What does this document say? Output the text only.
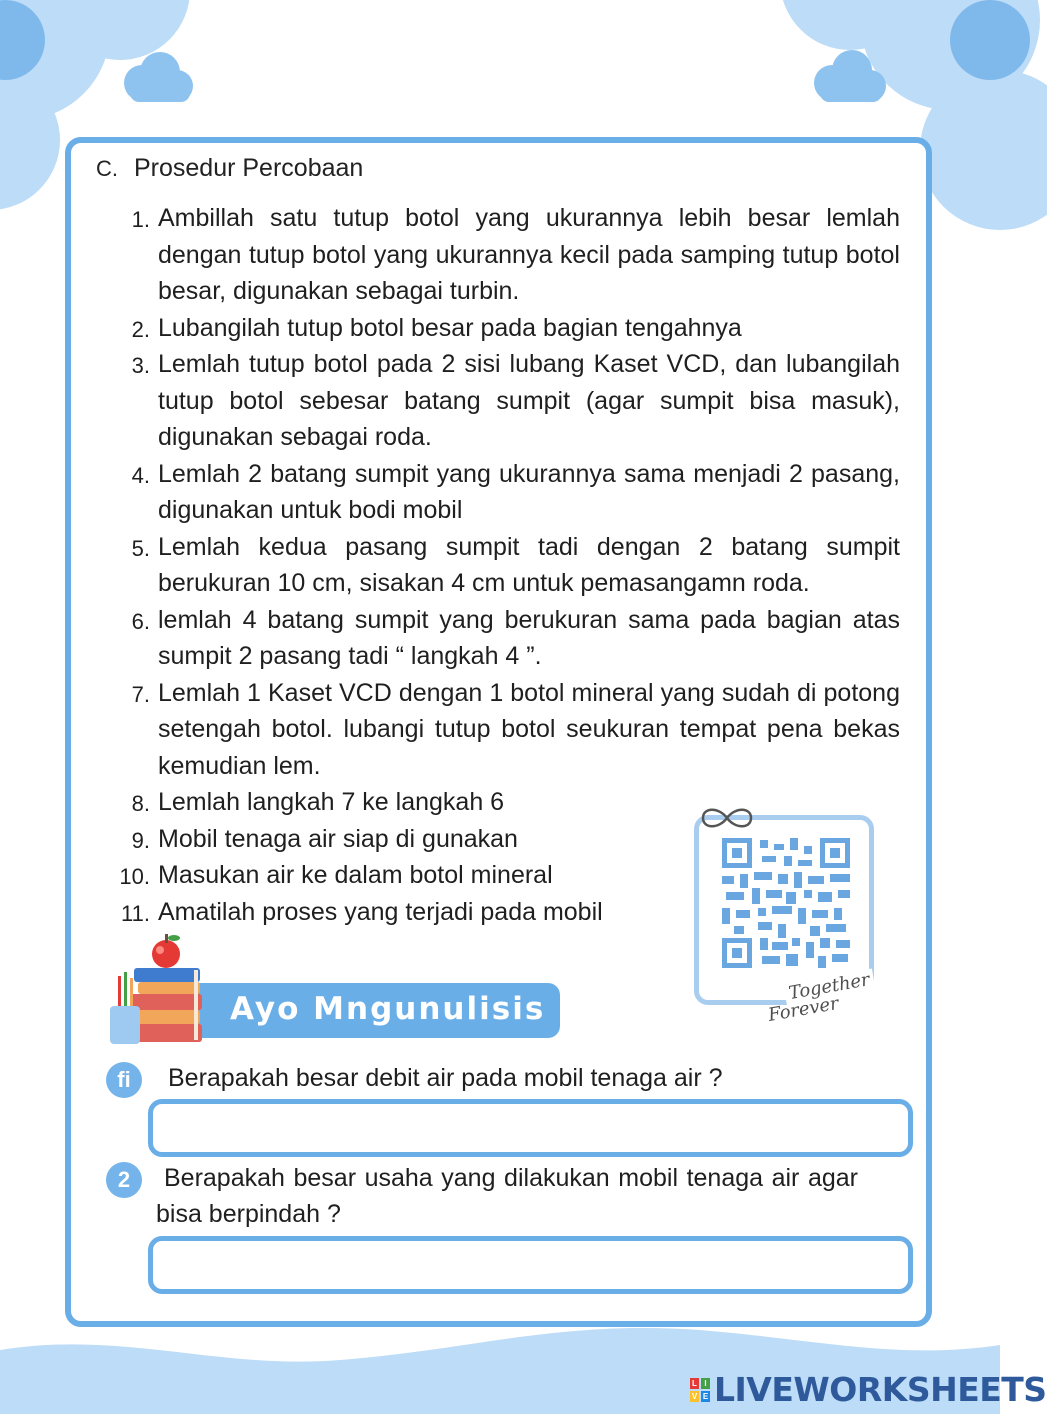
C. Prosedur Percobaan
1. Ambillah satu tutup botol yang ukurannya lebih besar lemlah dengan tutup botol yang ukurannya kecil pada samping tutup botol besar, digunakan sebagai turbin.
2. Lubangilah tutup botol besar pada bagian tengahnya
3. Lemlah tutup botol pada 2 sisi lubang Kaset VCD, dan lubangilah tutup botol sebesar batang sumpit (agar sumpit bisa masuk), digunakan sebagai roda.
4. Lemlah 2 batang sumpit yang ukurannya sama menjadi 2 pasang, digunakan untuk bodi mobil
5. Lemlah kedua pasang sumpit tadi dengan 2 batang sumpit berukuran 10 cm, sisakan 4 cm untuk pemasangamn roda.
6. lemlah 4 batang sumpit yang berukuran sama pada bagian atas sumpit 2 pasang tadi “ langkah 4 ”.
7. Lemlah 1 Kaset VCD dengan 1 botol mineral yang sudah di potong setengah botol. lubangi tutup botol seukuran tempat pena bekas kemudian lem.
8. Lemlah langkah 7 ke langkah 6
9. Mobil tenaga air siap di gunakan
10. Masukan air ke dalam botol mineral
11. Amatilah proses yang terjadi pada mobil
Together
Forever
Ayo Mngunulisis
fi	Berapakah besar debit air pada mobil tenaga air ?
2	Berapakah besar usaha yang dilakukan mobil tenaga air agar bisa berpindah ?
L I
V E LIVEWORKSHEETS
